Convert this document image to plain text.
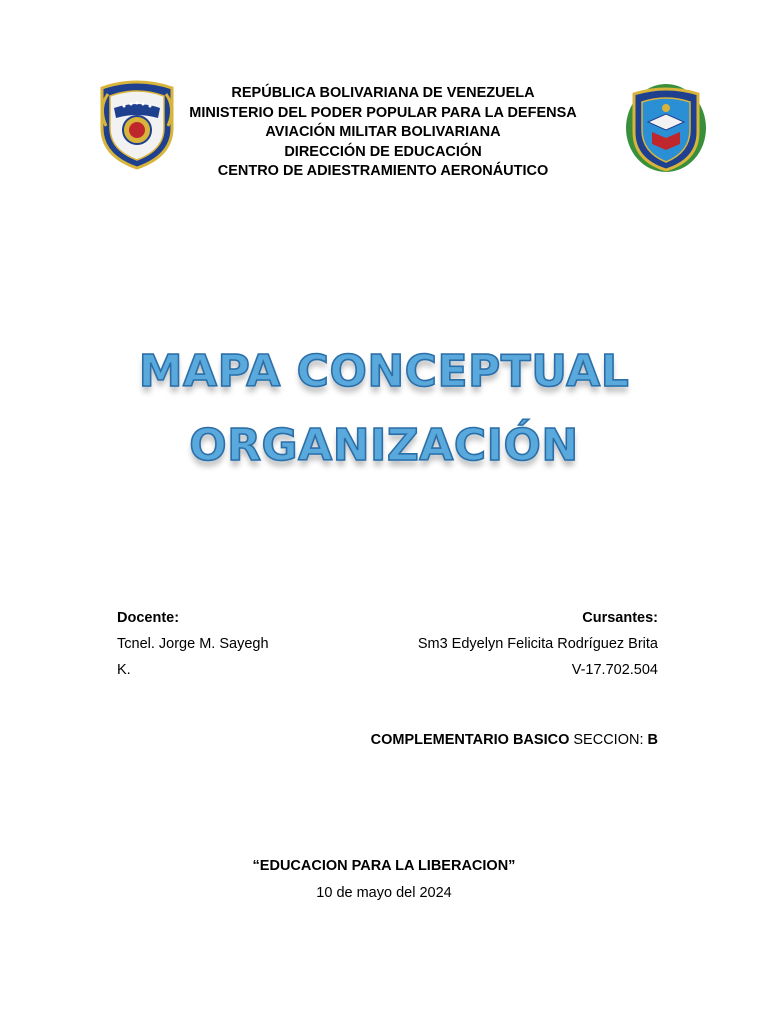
REPÚBLICA BOLIVARIANA DE VENEZUELA
MINISTERIO DEL PODER POPULAR PARA LA DEFENSA
AVIACIÓN MILITAR BOLIVARIANA
DIRECCIÓN DE EDUCACIÓN
CENTRO DE ADIESTRAMIENTO AERONÁUTICO
MAPA CONCEPTUAL
ORGANIZACIÓN
Docente:
Tcnel. Jorge M. Sayegh
K.
Cursantes:
Sm3 Edyelyn Felicita Rodríguez Brita
V-17.702.504
COMPLEMENTARIO BASICO SECCION: B
“EDUCACION PARA LA LIBERACION”
10 de mayo del 2024
